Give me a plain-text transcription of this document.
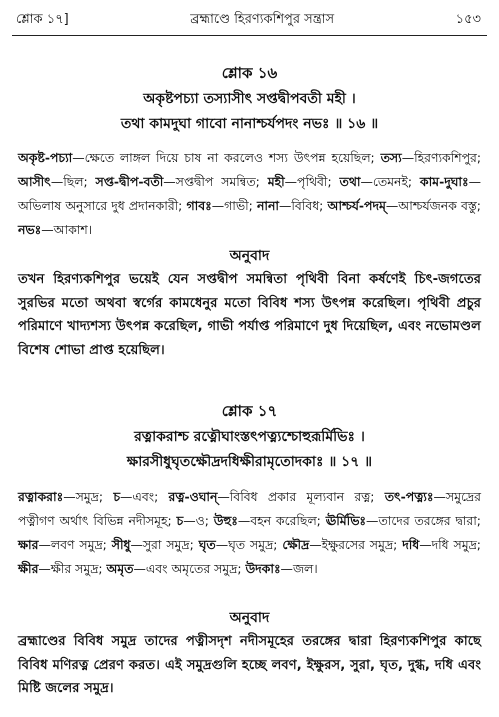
শ্লোক ১৭]	ব্রহ্মাণ্ডে হিরণ্যকশিপুর সন্ত্রাস	১৫৩
শ্লোক ১৬
অকৃষ্টপচ্যা তস্যাসীৎ সপ্তদ্বীপবতী মহী ।
তথা কামদুঘা গাবো নানাশ্চর্যপদং নভঃ ॥ ১৬ ॥
অকৃষ্ট-পচ্যা—ক্ষেতে লাঙ্গল দিয়ে চাষ না করলেও শস্য উৎপন্ন হয়েছিল; তস্য—হিরণ্যকশিপুর; আসীৎ—ছিল; সপ্ত-দ্বীপ-বতী—সপ্তদ্বীপ সমন্বিত; মহী—পৃথিবী; তথা—তেমনই; কাম-দুঘাঃ—অভিলাষ অনুসারে দুধ প্রদানকারী; গাবঃ—গাভী; নানা—বিবিধ; আশ্চর্য-পদম্—আশ্চর্যজনক বস্তু; নভঃ—আকাশ।
অনুবাদ
তখন হিরণ্যকশিপুর ভয়েই যেন সপ্তদ্বীপ সমন্বিতা পৃথিবী বিনা কর্ষণেই চিৎ-জগতের সুরভির মতো অথবা স্বর্গের কামধেনুর মতো বিবিধ শস্য উৎপন্ন করেছিল। পৃথিবী প্রচুর পরিমাণে খাদ্যশস্য উৎপন্ন করেছিল, গাভী পর্যাপ্ত পরিমাণে দুধ দিয়েছিল, এবং নভোমণ্ডল বিশেষ শোভা প্রাপ্ত হয়েছিল।
শ্লোক ১৭
রত্নাকরাশ্চ রত্নৌঘাংস্তৎপত্ন্যশ্চোহুরূর্মিভিঃ ।
ক্ষারসীধুঘৃতক্ষৌদ্রদধিক্ষীরামৃতোদকাঃ ॥ ১৭ ॥
রত্নাকরাঃ—সমুদ্র; চ—এবং; রত্ন-ওঘান্—বিবিধ প্রকার মূল্যবান রত্ন; তৎ-পত্ন্যঃ—সমুদ্রের পত্নীগণ অর্থাৎ বিভিন্ন নদীসমূহ; চ—ও; উহুঃ—বহন করেছিল; ঊর্মিভিঃ—তাদের তরঙ্গের দ্বারা; ক্ষার—লবণ সমুদ্র; সীধু—সুরা সমুদ্র; ঘৃত—ঘৃত সমুদ্র; ক্ষৌদ্র—ইক্ষুরসের সমুদ্র; দধি—দধি সমুদ্র; ক্ষীর—ক্ষীর সমুদ্র; অমৃত—এবং অমৃতের সমুদ্র; উদকাঃ—জল।
অনুবাদ
ব্রহ্মাণ্ডের বিবিধ সমুদ্র তাদের পত্নীসদৃশ নদীসমূহের তরঙ্গের দ্বারা হিরণ্যকশিপুর কাছে বিবিধ মণিরত্ন প্রেরণ করত। এই সমুদ্রগুলি হচ্ছে লবণ, ইক্ষুরস, সুরা, ঘৃত, দুগ্ধ, দধি এবং মিষ্টি জলের সমুদ্র।
